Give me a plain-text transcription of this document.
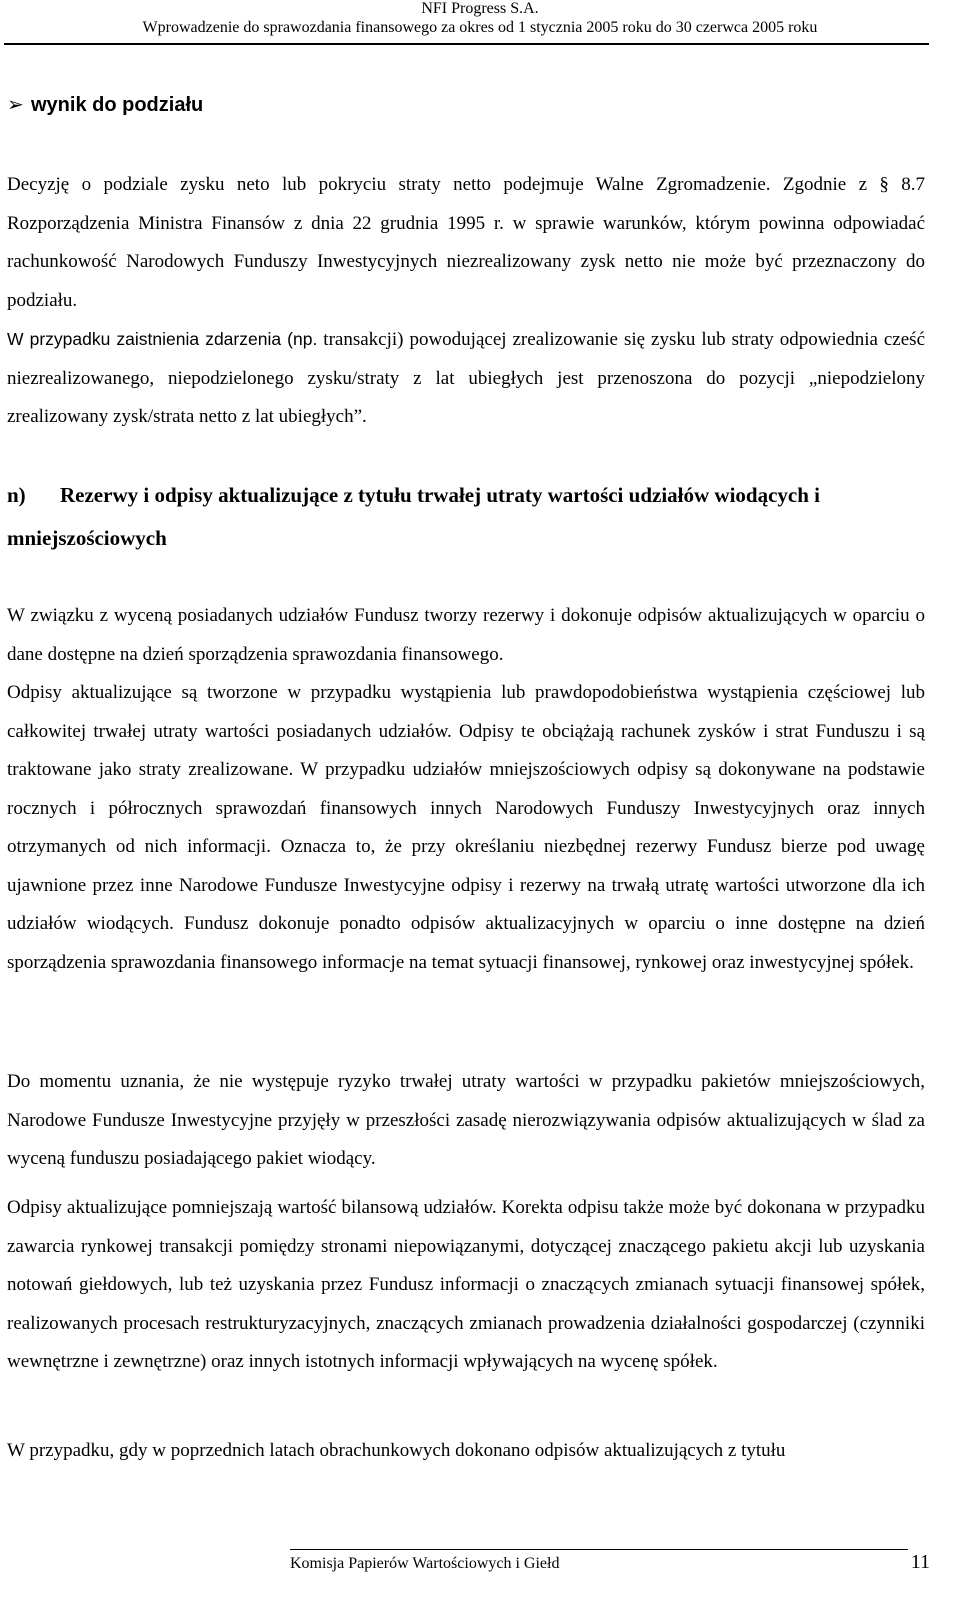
NFI Progress S.A.
Wprowadzenie do sprawozdania finansowego za okres od 1 stycznia 2005 roku do 30 czerwca 2005 roku
➢ wynik do podziału
Decyzję o podziale zysku neto lub pokryciu straty netto podejmuje Walne Zgromadzenie. Zgodnie z § 8.7 Rozporządzenia Ministra Finansów z dnia 22 grudnia 1995 r. w sprawie warunków, którym powinna odpowiadać rachunkowość Narodowych Funduszy Inwestycyjnych niezrealizowany zysk netto nie może być przeznaczony do podziału.
W przypadku zaistnienia zdarzenia (np. transakcji) powodującej zrealizowanie się zysku lub straty odpowiednia cześć niezrealizowanego, niepodzielonego zysku/straty z lat ubiegłych jest przenoszona do pozycji „niepodzielony zrealizowany zysk/strata netto z lat ubiegłych”.
n) Rezerwy i odpisy aktualizujące z tytułu trwałej utraty wartości udziałów wiodących i mniejszościowych
W związku z wyceną posiadanych udziałów Fundusz tworzy rezerwy i dokonuje odpisów aktualizujących w oparciu o dane dostępne na dzień sporządzenia sprawozdania finansowego.
Odpisy aktualizujące są tworzone w przypadku wystąpienia lub prawdopodobieństwa wystąpienia częściowej lub całkowitej trwałej utraty wartości posiadanych udziałów. Odpisy te obciążają rachunek zysków i strat Funduszu i są traktowane jako straty zrealizowane. W przypadku udziałów mniejszościowych odpisy są dokonywane na podstawie rocznych i półrocznych sprawozdań finansowych innych Narodowych Funduszy Inwestycyjnych oraz innych otrzymanych od nich informacji. Oznacza to, że przy określaniu niezbędnej rezerwy Fundusz bierze pod uwagę ujawnione przez inne Narodowe Fundusze Inwestycyjne odpisy i rezerwy na trwałą utratę wartości utworzone dla ich udziałów wiodących. Fundusz dokonuje ponadto odpisów aktualizacyjnych w oparciu o inne dostępne na dzień sporządzenia sprawozdania finansowego informacje na temat sytuacji finansowej, rynkowej oraz inwestycyjnej spółek.
Do momentu uznania, że nie występuje ryzyko trwałej utraty wartości w przypadku pakietów mniejszościowych, Narodowe Fundusze Inwestycyjne przyjęły w przeszłości zasadę nierozwiązywania odpisów aktualizujących w ślad za wyceną funduszu posiadającego pakiet wiodący.
Odpisy aktualizujące pomniejszają wartość bilansową udziałów. Korekta odpisu także może być dokonana w przypadku zawarcia rynkowej transakcji pomiędzy stronami niepowiązanymi, dotyczącej znaczącego pakietu akcji lub uzyskania notowań giełdowych, lub też uzyskania przez Fundusz informacji o znaczących zmianach sytuacji finansowej spółek, realizowanych procesach restrukturyzacyjnych, znaczących zmianach prowadzenia działalności gospodarczej (czynniki wewnętrzne i zewnętrzne) oraz innych istotnych informacji wpływających na wycenę spółek.
W przypadku, gdy w poprzednich latach obrachunkowych dokonano odpisów aktualizujących z tytułu
Komisja Papierów Wartościowych i Giełd	11
